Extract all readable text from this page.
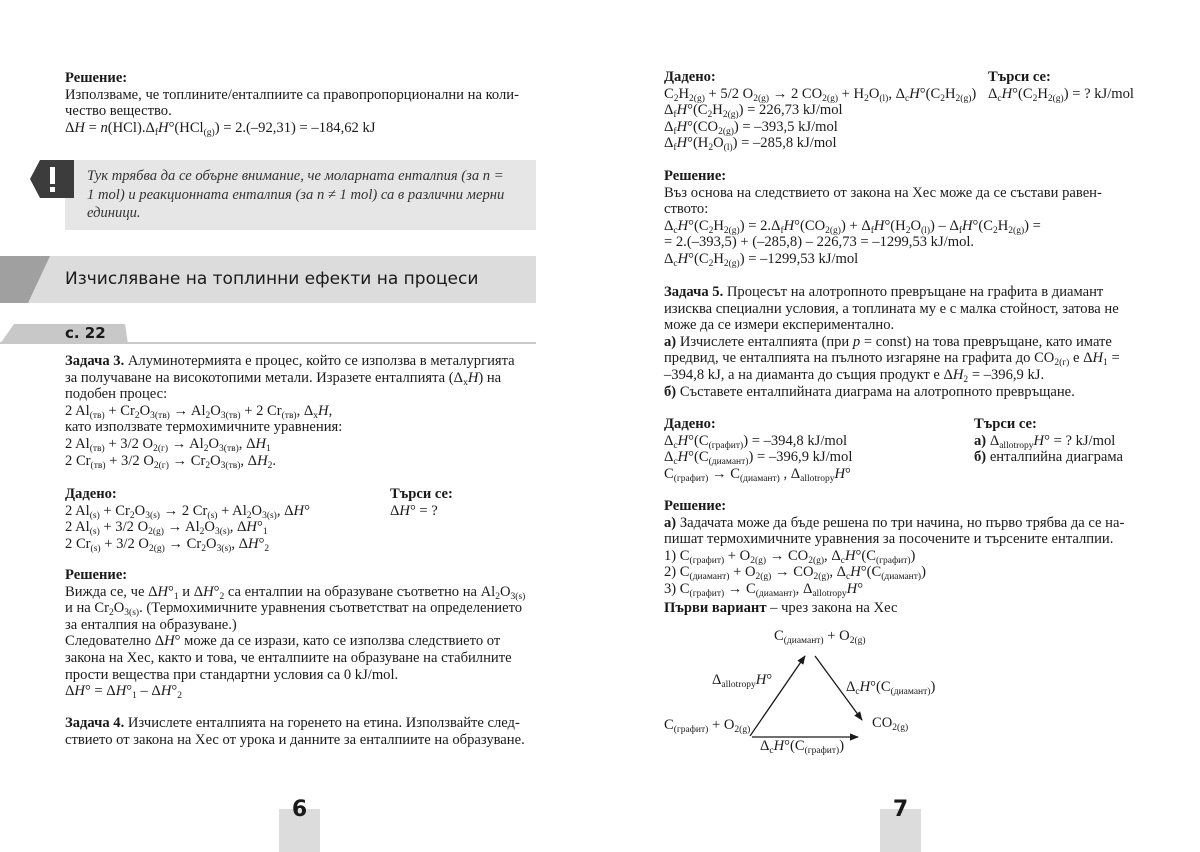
Решение:
Използваме, че топлините/енталпиите са правопропорционални на коли-
чество вещество.
$\Delta H = n(HCl).\Delta_fH^\circ(HCl_{(g)}) = 2.(-92,31) = -184,62$ kJ
Тук трябва да се обърне внимание, че моларната енталпия (за n =
1 mol) и реакционната енталпия (за n ≠ 1 mol) са в различни мерни
единици.
Изчисляване на топлинни ефекти на процеси
с. 22
Задача 3. Алуминотермията е процес, който се използва в металургията
за получаване на високотопими метали. Изразете енталпията $(\Delta_xH)$ на
подобен процес:
2 $Al_{(тв)} + Cr_2O_{3(тв)} \to Al_2O_{3(тв)} + 2$ $Cr_{(тв)}$, $\Delta_xH$,
като използвате термохимичните уравнения:
2 $Al_{(тв)} + 3/2$ $O_{2(г)} \to Al_2O_{3(тв)}$, $\Delta H_1$
2 $Cr_{(тв)} + 3/2$ $O_{2(г)} \to Cr_2O_{3(тв)}$, $\Delta H_2$.
Дадено:
2 $Al_{(s)} + Cr_2O_{3(s)} \to 2$ $Cr_{(s)} + Al_2O_{3(s)}$, ΔH°
2 $Al_{(s)} + 3/2$ $O_{2(g)} \to Al_2O_{3(s)}$, $\Delta H^\circ_1$
2 $Cr_{(s)} + 3/2$ $O_{2(g)} \to Cr_2O_{3(s)}$, $\Delta H^\circ_2$
Търси се:
ΔH° = ?
Решение:
Вижда се, че $\Delta H^\circ_1$ и $\Delta H^\circ_2$ са енталпии на образуване съответно на $Al_2O_{3(s)}$
и на $Cr_2O_{3(s)}$. (Термохимичните уравнения съответстват на определението
за енталпия на образуване.)
Следователно ΔH° може да се изрази, като се използва следствието от
закона на Хес, както и това, че енталпиите на образуване на стабилните
прости вещества при стандартни условия са 0 kJ/mol.
$\Delta H^\circ = \Delta H^\circ_1 - \Delta H^\circ_2$
Задача 4. Изчислете енталпията на горенето на етина. Използвайте след-
ствието от закона на Хес от урока и данните за енталпиите на образуване.
6
Дадено:
$C_2H_{2(g)} + 5/2$ $O_{2(g)} \to 2$ $CO_{2(g)} + H_2O_{(l)}$, $\Delta_cH^\circ(C_2H_{2(g)})$
$\Delta_fH^\circ(C_2H_{2(g)}) = 226,73$ kJ/mol
$\Delta_fH^\circ(CO_{2(g)}) = -393,5$ kJ/mol
$\Delta_fH^\circ(H_2O_{(l)}) = -285,8$ kJ/mol
Търси се:
$\Delta_cH^\circ(C_2H_{2(g)})$ = ? kJ/mol
Решение:
Въз основа на следствието от закона на Хес може да се състави равен-
ството:
$\Delta_cH^\circ(C_2H_{2(g)}) = 2.\Delta_fH^\circ(CO_{2(g)}) + \Delta_fH^\circ(H_2O_{(l)}) - \Delta_fH^\circ(C_2H_{2(g)})$ =
= 2.(–393,5) + (–285,8) – 226,73 = –1299,53 kJ/mol.
$\Delta_cH^\circ(C_2H_{2(g)}) = -1299,53$ kJ/mol
Задача 5. Процесът на алотропното превръщане на графита в диамант
изисква специални условия, а топлината му е с малка стойност, затова не
може да се измери експериментално.
а) Изчислете енталпията (при p = const) на това превръщане, като имате
предвид, че енталпията на пълното изгаряне на графита до $CO_{2(г)}$ е $\Delta H_1$ =
–394,8 kJ, а на диаманта до същия продукт е $\Delta H_2 = -396,9$ kJ.
б) Съставете енталпийната диаграма на алотропното превръщане.
Дадено:
$\Delta_cH^\circ(C_{(графит)}) = -394,8$ kJ/mol
$\Delta_cH^\circ(C_{(диамант)}) = -396,9$ kJ/mol
$C_{(графит)} \to C_{(диамант)}$ , $\Delta_{allotropy}H^\circ$
Търси се:
а) $\Delta_{allotropy}H^\circ$ = ? kJ/mol
б) енталпийна диаграма
Решение:
а) Задачата може да бъде решена по три начина, но първо трябва да се на-
пишат термохимичните уравнения за посочените и търсените енталпии.
1) $C_{(графит)} + O_{2(g)} \to CO_{2(g)}$, $\Delta_cH^\circ(C_{(графит)})$
2) $C_{(диамант)} + O_{2(g)} \to CO_{2(g)}$, $\Delta_cH^\circ(C_{(диамант)})$
3) $C_{(графит)} \to C_{(диамант)}$, $\Delta_{allotropy}H^\circ$
Първи вариант – чрез закона на Хес
$C_{(диамант)} + O_{2(g)}$
$\Delta_{allotropy}H^\circ$	$\Delta_cH^\circ(C_{(диамант)})$
$C_{(графит)} + O_{2(g)}$	$CO_{2(g)}$
$\Delta_cH^\circ(C_{(графит)})$
7
